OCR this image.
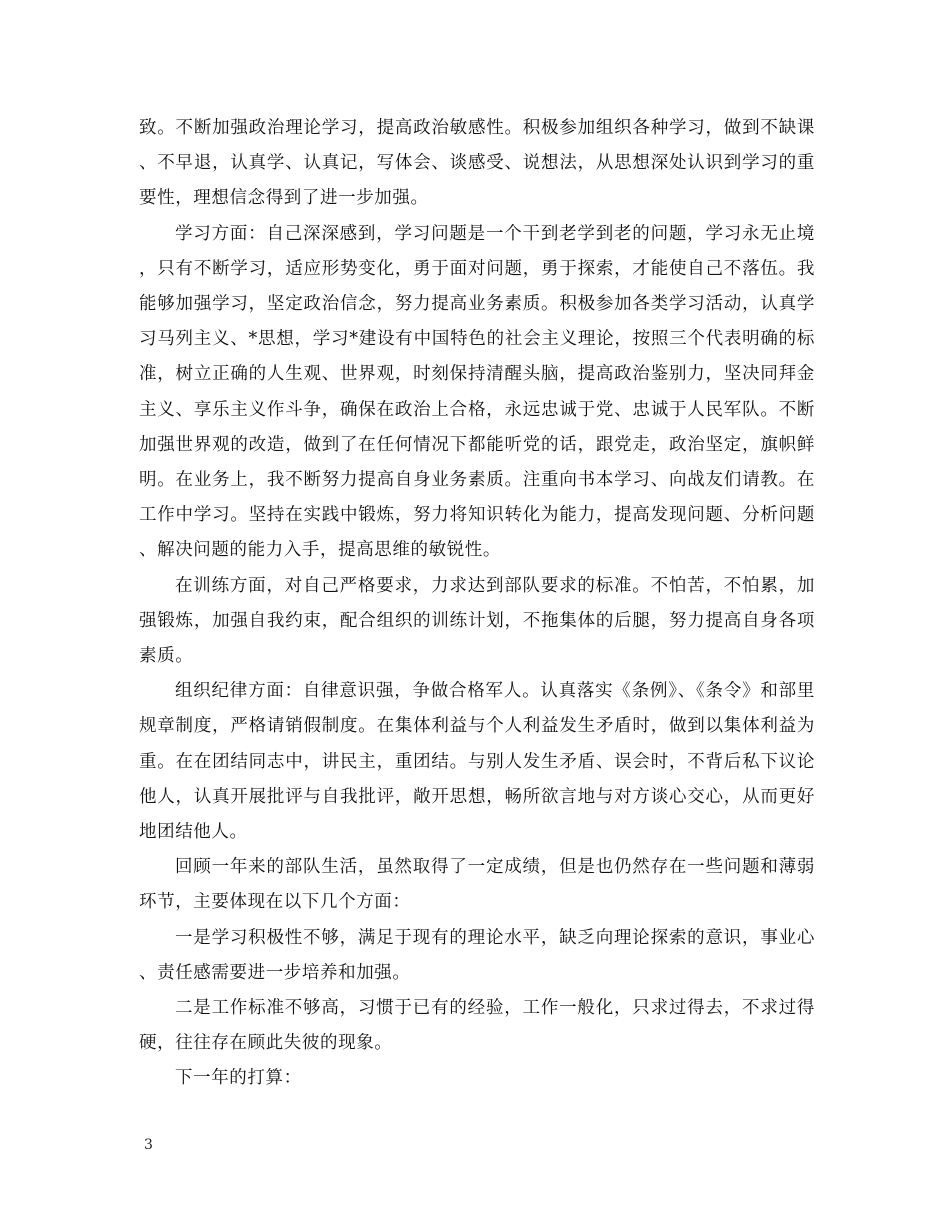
致。不断加强政治理论学习，提高政治敏感性。积极参加组织各种学习，做到不缺课、不早退，认真学、认真记，写体会、谈感受、说想法，从思想深处认识到学习的重要性，理想信念得到了进一步加强。

学习方面：自己深深感到，学习问题是一个干到老学到老的问题，学习永无止境，只有不断学习，适应形势变化，勇于面对问题，勇于探索，才能使自己不落伍。我能够加强学习，坚定政治信念，努力提高业务素质。积极参加各类学习活动，认真学习马列主义、*思想，学习*建设有中国特色的社会主义理论，按照三个代表明确的标准，树立正确的人生观、世界观，时刻保持清醒头脑，提高政治鉴别力，坚决同拜金主义、享乐主义作斗争，确保在政治上合格，永远忠诚于党、忠诚于人民军队。不断加强世界观的改造，做到了在任何情况下都能听党的话，跟党走，政治坚定，旗帜鲜明。在业务上，我不断努力提高自身业务素质。注重向书本学习、向战友们请教。在工作中学习。坚持在实践中锻炼，努力将知识转化为能力，提高发现问题、分析问题、解决问题的能力入手，提高思维的敏锐性。

在训练方面，对自己严格要求，力求达到部队要求的标准。不怕苦，不怕累，加强锻炼，加强自我约束，配合组织的训练计划，不拖集体的后腿，努力提高自身各项素质。

组织纪律方面：自律意识强，争做合格军人。认真落实《条例》、《条令》和部里规章制度，严格请销假制度。在集体利益与个人利益发生矛盾时，做到以集体利益为重。在在团结同志中，讲民主，重团结。与别人发生矛盾、误会时，不背后私下议论他人，认真开展批评与自我批评，敞开思想，畅所欲言地与对方谈心交心，从而更好地团结他人。

回顾一年来的部队生活，虽然取得了一定成绩，但是也仍然存在一些问题和薄弱环节，主要体现在以下几个方面：

一是学习积极性不够，满足于现有的理论水平，缺乏向理论探索的意识，事业心、责任感需要进一步培养和加强。

二是工作标准不够高，习惯于已有的经验，工作一般化，只求过得去，不求过得硬，往往存在顾此失彼的现象。

下一年的打算：

3
